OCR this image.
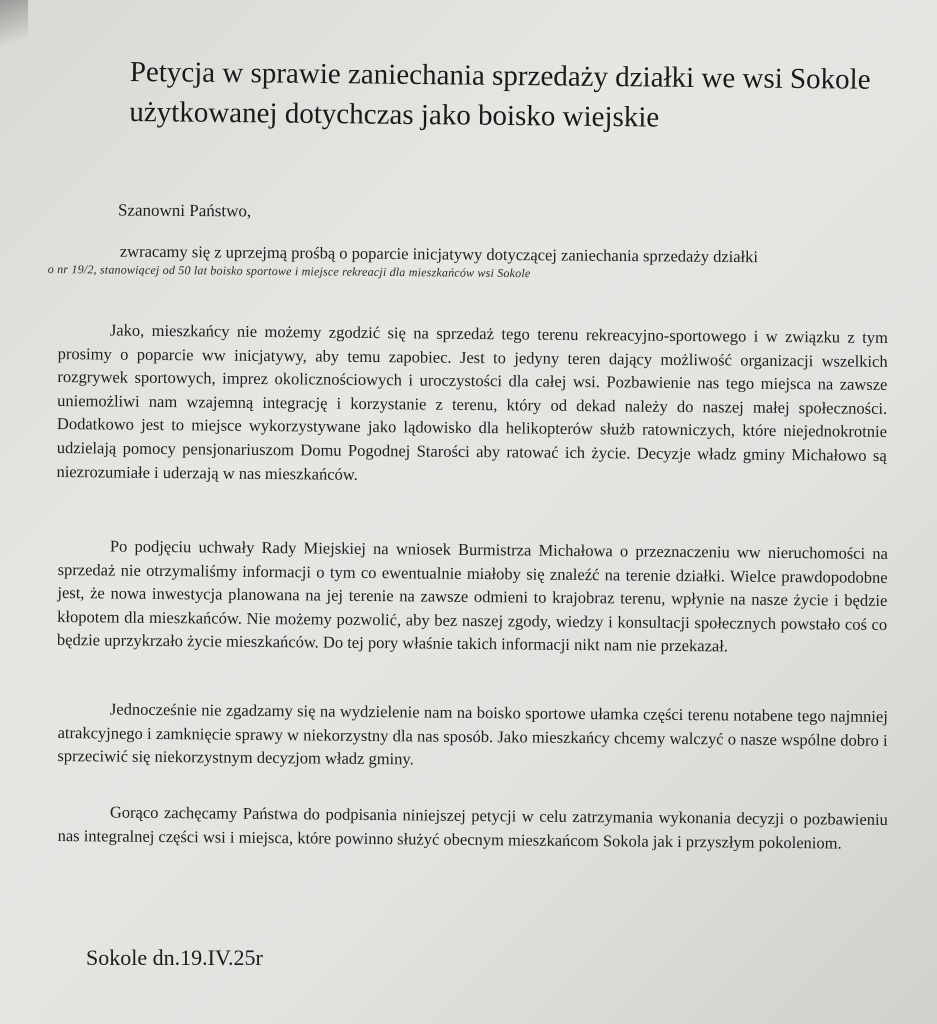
Petycja w sprawie zaniechania sprzedaży działki we wsi Sokole użytkowanej dotychczas jako boisko wiejskie
Szanowni Państwo,

zwracamy się z uprzejmą prośbą o poparcie inicjatywy dotyczącej zaniechania sprzedaży działki

o nr 19/2, stanowiącej od 50 lat boisko sportowe i miejsce rekreacji dla mieszkańców wsi Sokole

Jako, mieszkańcy nie możemy zgodzić się na sprzedaż tego terenu rekreacyjno-sportowego i w związku z tym prosimy o poparcie ww inicjatywy, aby temu zapobiec. Jest to jedyny teren dający możliwość organizacji wszelkich rozgrywek sportowych, imprez okolicznościowych i uroczystości dla całej wsi. Pozbawienie nas tego miejsca na zawsze uniemożliwi nam wzajemną integrację i korzystanie z terenu, który od dekad należy do naszej małej społeczności. Dodatkowo jest to miejsce wykorzystywane jako lądowisko dla helikopterów służb ratowniczych, które niejednokrotnie udzielają pomocy pensjonariuszom Domu Pogodnej Starości aby ratować ich życie. Decyzje władz gminy Michałowo są niezrozumiałe i uderzają w nas mieszkańców.

Po podjęciu uchwały Rady Miejskiej na wniosek Burmistrza Michałowa o przeznaczeniu ww nieruchomości na sprzedaż nie otrzymaliśmy informacji o tym co ewentualnie miałoby się znaleźć na terenie działki. Wielce prawdopodobne jest, że nowa inwestycja planowana na jej terenie na zawsze odmieni to krajobraz terenu, wpłynie na nasze życie i będzie kłopotem dla mieszkańców. Nie możemy pozwolić, aby bez naszej zgody, wiedzy i konsultacji społecznych powstało coś co będzie uprzykrzało życie mieszkańców. Do tej pory właśnie takich informacji nikt nam nie przekazał.

Jednocześnie nie zgadzamy się na wydzielenie nam na boisko sportowe ułamka części terenu notabene tego najmniej atrakcyjnego i zamknięcie sprawy w niekorzystny dla nas sposób. Jako mieszkańcy chcemy walczyć o nasze wspólne dobro i sprzeciwić się niekorzystnym decyzjom władz gminy.

Gorąco zachęcamy Państwa do podpisania niniejszej petycji w celu zatrzymania wykonania decyzji o pozbawieniu nas integralnej części wsi i miejsca, które powinno służyć obecnym mieszkańcom Sokola jak i przyszłym pokoleniom.

Sokole dn.19.IV.25r
